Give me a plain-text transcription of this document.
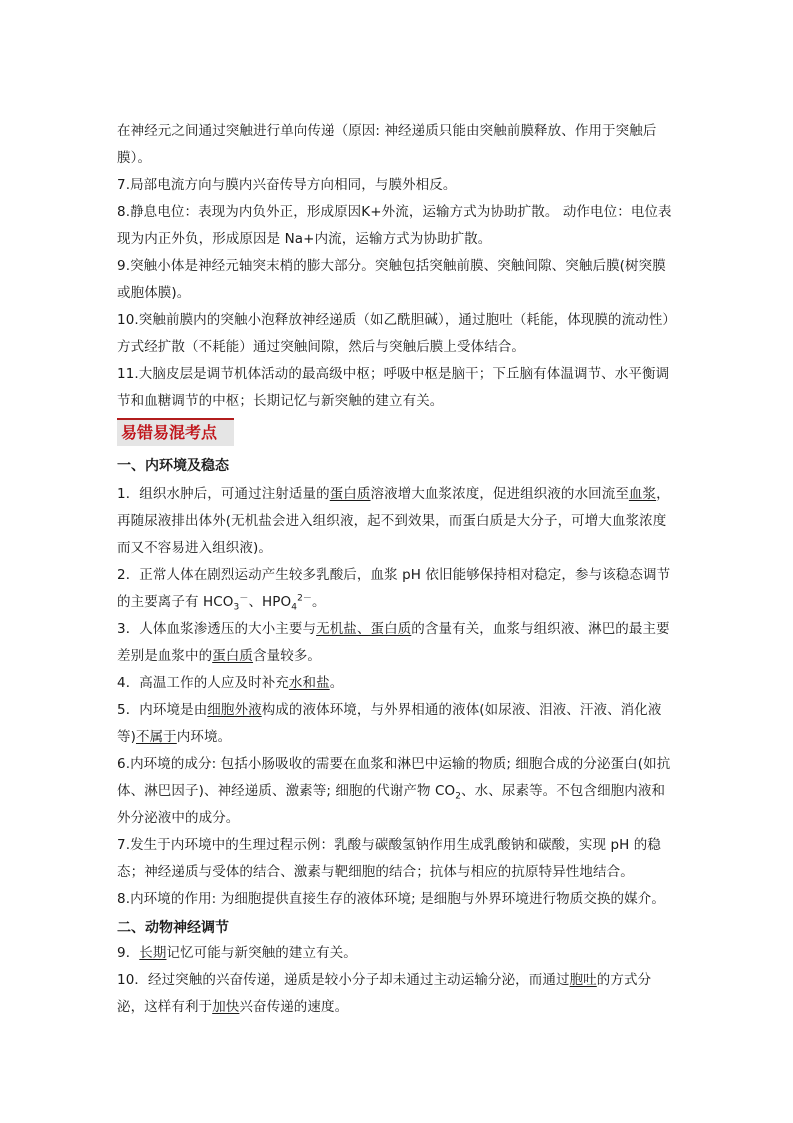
在神经元之间通过突触进行单向传递（原因: 神经递质只能由突触前膜释放、作用于突触后膜）。

7.局部电流方向与膜内兴奋传导方向相同，与膜外相反。

8.静息电位：表现为内负外正，形成原因K+外流，运输方式为协助扩散。 动作电位：电位表现为内正外负，形成原因是 Na+内流，运输方式为协助扩散。

9.突触小体是神经元轴突末梢的膨大部分。突触包括突触前膜、突触间隙、突触后膜(树突膜或胞体膜)。

10.突触前膜内的突触小泡释放神经递质（如乙酰胆碱），通过胞吐（耗能，体现膜的流动性）方式经扩散（不耗能）通过突触间隙，然后与突触后膜上受体结合。

11.大脑皮层是调节机体活动的最高级中枢；呼吸中枢是脑干；下丘脑有体温调节、水平衡调节和血糖调节的中枢；长期记忆与新突触的建立有关。

易错易混考点

一、内环境及稳态

1．组织水肿后，可通过注射适量的蛋白质溶液增大血浆浓度，促进组织液的水回流至血浆，再随尿液排出体外(无机盐会进入组织液，起不到效果，而蛋白质是大分子，可增大血浆浓度而又不容易进入组织液)。

2．正常人体在剧烈运动产生较多乳酸后，血浆 pH 依旧能够保持相对稳定，参与该稳态调节的主要离子有 $HCO_3^-$、$HPO_4^{2-}$。

3．人体血浆渗透压的大小主要与无机盐、蛋白质的含量有关，血浆与组织液、淋巴的最主要差别是血浆中的蛋白质含量较多。

4．高温工作的人应及时补充水和盐。

5．内环境是由细胞外液构成的液体环境，与外界相通的液体(如尿液、泪液、汗液、消化液等)不属于内环境。

6.内环境的成分: 包括小肠吸收的需要在血浆和淋巴中运输的物质; 细胞合成的分泌蛋白(如抗体、淋巴因子)、神经递质、激素等; 细胞的代谢产物 $CO_2$、水、尿素等。不包含细胞内液和外分泌液中的成分。

7.发生于内环境中的生理过程示例：乳酸与碳酸氢钠作用生成乳酸钠和碳酸，实现 pH 的稳态；神经递质与受体的结合、激素与靶细胞的结合；抗体与相应的抗原特异性地结合。

8.内环境的作用: 为细胞提供直接生存的液体环境; 是细胞与外界环境进行物质交换的媒介。

二、动物神经调节

9．长期记忆可能与新突触的建立有关。

10．经过突触的兴奋传递，递质是较小分子却未通过主动运输分泌，而通过胞吐的方式分泌，这样有利于加快兴奋传递的速度。
